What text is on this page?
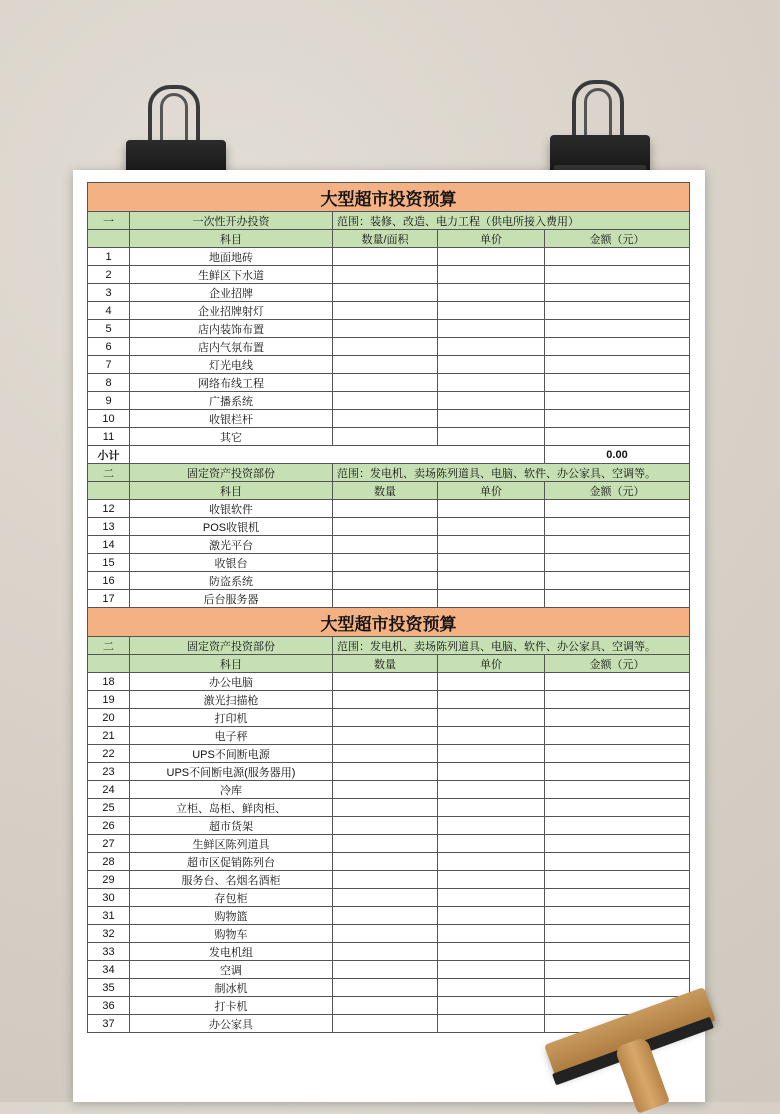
大型超市投资预算				
一	一次性开办投资	范围：装修、改造、电力工程（供电所接入费用）		
	科目	数量/面积	单价	金额（元）
1	地面地砖			
2	生鲜区下水道			
3	企业招牌			
4	企业招牌射灯			
5	店内装饰布置			
6	店内气氛布置			
7	灯光电线			
8	网络布线工程			
9	广播系统			
10	收银栏杆			
11	其它			
小计				0.00
二	固定资产投资部份	范围：发电机、卖场陈列道具、电脑、软件、办公家具、空调等。		
	科目	数量	单价	金额（元）
12	收银软件			
13	POS收银机			
14	激光平台			
15	收银台			
16	防盗系统			
17	后台服务器			
大型超市投资预算				
二	固定资产投资部份	范围：发电机、卖场陈列道具、电脑、软件、办公家具、空调等。		
	科目	数量	单价	金额（元）
18	办公电脑			
19	激光扫描枪			
20	打印机			
21	电子秤			
22	UPS不间断电源			
23	UPS不间断电源(服务器用)			
24	冷库			
25	立柜、岛柜、鲜肉柜、			
26	超市货架			
27	生鲜区陈列道具			
28	超市区促销陈列台			
29	服务台、名烟名酒柜			
30	存包柜			
31	购物篮			
32	购物车			
33	发电机组			
34	空调			
35	制冰机			
36	打卡机			
37	办公家具			
